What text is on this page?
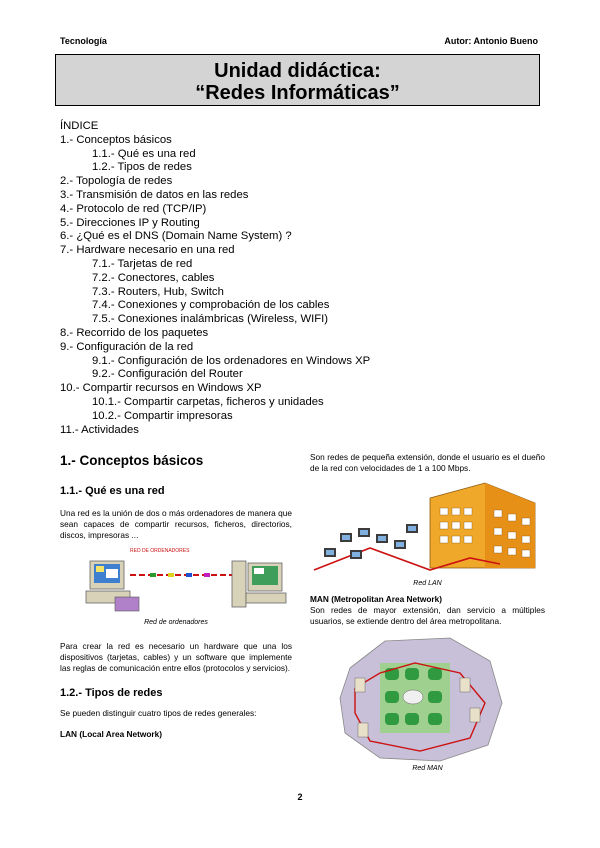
Tecnología	Autor: Antonio Bueno
Unidad didáctica:
“Redes Informáticas”
ÍNDICE
1.- Conceptos básicos
1.1.- Qué es una red
1.2.- Tipos de redes
2.- Topología de redes
3.- Transmisión de datos en las redes
4.- Protocolo de red (TCP/IP)
5.- Direcciones IP y Routing
6.- ¿Qué es el DNS (Domain Name System) ?
7.- Hardware necesario en una red
7.1.- Tarjetas de red
7.2.- Conectores, cables
7.3.- Routers, Hub, Switch
7.4.- Conexiones y comprobación de los cables
7.5.- Conexiones inalámbricas (Wireless, WIFI)
8.- Recorrido de los paquetes
9.- Configuración de la red
9.1.- Configuración de los ordenadores en Windows XP
9.2.- Configuración del Router
10.- Compartir recursos en Windows XP
10.1.- Compartir carpetas, ficheros y unidades
10.2.- Compartir impresoras
11.- Actividades
1.- Conceptos básicos
1.1.- Qué es una red
Una red es la unión de dos o más ordenadores de manera que sean capaces de compartir recursos, ficheros, directorios, discos, impresoras ...
RED DE ORDENADORES
Red de ordenadores
Para crear la red es necesario un hardware que una los dispositivos (tarjetas, cables) y un software que implemente las reglas de comunicación entre ellos (protocolos y servicios).
1.2.- Tipos de redes
Se pueden distinguir cuatro tipos de redes generales:
LAN (Local Area Network)
Son redes de pequeña extensión, donde el usuario es el dueño de la red con velocidades de 1 a 100 Mbps.
Red LAN
MAN (Metropolitan Area Network)
Son redes de mayor extensión, dan servicio a múltiples usuarios, se extiende dentro del área metropolitana.
Red MAN
2
